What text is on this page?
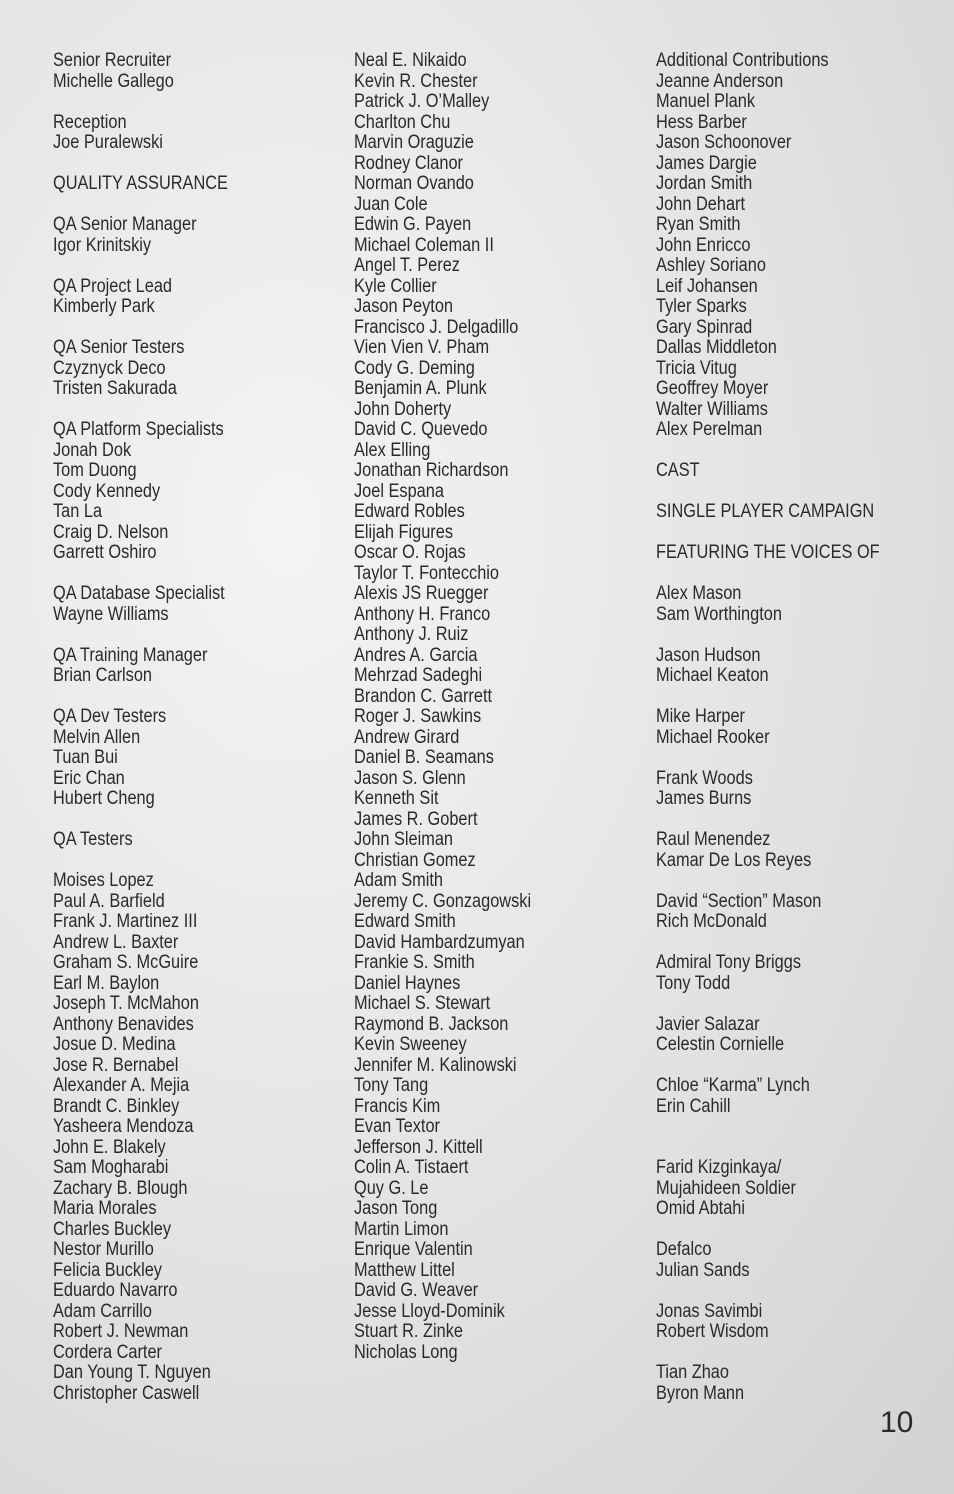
Senior Recruiter
Michelle Gallego
Reception
Joe Puralewski
QUALITY ASSURANCE
QA Senior Manager
Igor Krinitskiy
QA Project Lead
Kimberly Park
QA Senior Testers
Czyznyck Deco
Tristen Sakurada
QA Platform Specialists
Jonah Dok
Tom Duong
Cody Kennedy
Tan La
Craig D. Nelson
Garrett Oshiro
QA Database Specialist
Wayne Williams
QA Training Manager
Brian Carlson
QA Dev Testers
Melvin Allen
Tuan Bui
Eric Chan
Hubert Cheng
QA Testers
Moises Lopez
Paul A. Barfield
Frank J. Martinez III
Andrew L. Baxter
Graham S. McGuire
Earl M. Baylon
Joseph T. McMahon
Anthony Benavides
Josue D. Medina
Jose R. Bernabel
Alexander A. Mejia
Brandt C. Binkley
Yasheera Mendoza
John E. Blakely
Sam Mogharabi
Zachary B. Blough
Maria Morales
Charles Buckley
Nestor Murillo
Felicia Buckley
Eduardo Navarro
Adam Carrillo
Robert J. Newman
Cordera Carter
Dan Young T. Nguyen
Christopher Caswell
Neal E. Nikaido
Kevin R. Chester
Patrick J. O’Malley
Charlton Chu
Marvin Oraguzie
Rodney Clanor
Norman Ovando
Juan Cole
Edwin G. Payen
Michael Coleman II
Angel T. Perez
Kyle Collier
Jason Peyton
Francisco J. Delgadillo
Vien Vien V. Pham
Cody G. Deming
Benjamin A. Plunk
John Doherty
David C. Quevedo
Alex Elling
Jonathan Richardson
Joel Espana
Edward Robles
Elijah Figures
Oscar O. Rojas
Taylor T. Fontecchio
Alexis JS Ruegger
Anthony H. Franco
Anthony J. Ruiz
Andres A. Garcia
Mehrzad Sadeghi
Brandon C. Garrett
Roger J. Sawkins
Andrew Girard
Daniel B. Seamans
Jason S. Glenn
Kenneth Sit
James R. Gobert
John Sleiman
Christian Gomez
Adam Smith
Jeremy C. Gonzagowski
Edward Smith
David Hambardzumyan
Frankie S. Smith
Daniel Haynes
Michael S. Stewart
Raymond B. Jackson
Kevin Sweeney
Jennifer M. Kalinowski
Tony Tang
Francis Kim
Evan Textor
Jefferson J. Kittell
Colin A. Tistaert
Quy G. Le
Jason Tong
Martin Limon
Enrique Valentin
Matthew Littel
David G. Weaver
Jesse Lloyd-Dominik
Stuart R. Zinke
Nicholas Long
Additional Contributions
Jeanne Anderson
Manuel Plank
Hess Barber
Jason Schoonover
James Dargie
Jordan Smith
John Dehart
Ryan Smith
John Enricco
Ashley Soriano
Leif Johansen
Tyler Sparks
Gary Spinrad
Dallas Middleton
Tricia Vitug
Geoffrey Moyer
Walter Williams
Alex Perelman
CAST
SINGLE PLAYER CAMPAIGN
FEATURING THE VOICES OF
Alex Mason
Sam Worthington
Jason Hudson
Michael Keaton
Mike Harper
Michael Rooker
Frank Woods
James Burns
Raul Menendez
Kamar De Los Reyes
David “Section” Mason
Rich McDonald
Admiral Tony Briggs
Tony Todd
Javier Salazar
Celestin Cornielle
Chloe “Karma” Lynch
Erin Cahill
Farid Kizginkaya/
Mujahideen Soldier
Omid Abtahi
Defalco
Julian Sands
Jonas Savimbi
Robert Wisdom
Tian Zhao
Byron Mann
10
